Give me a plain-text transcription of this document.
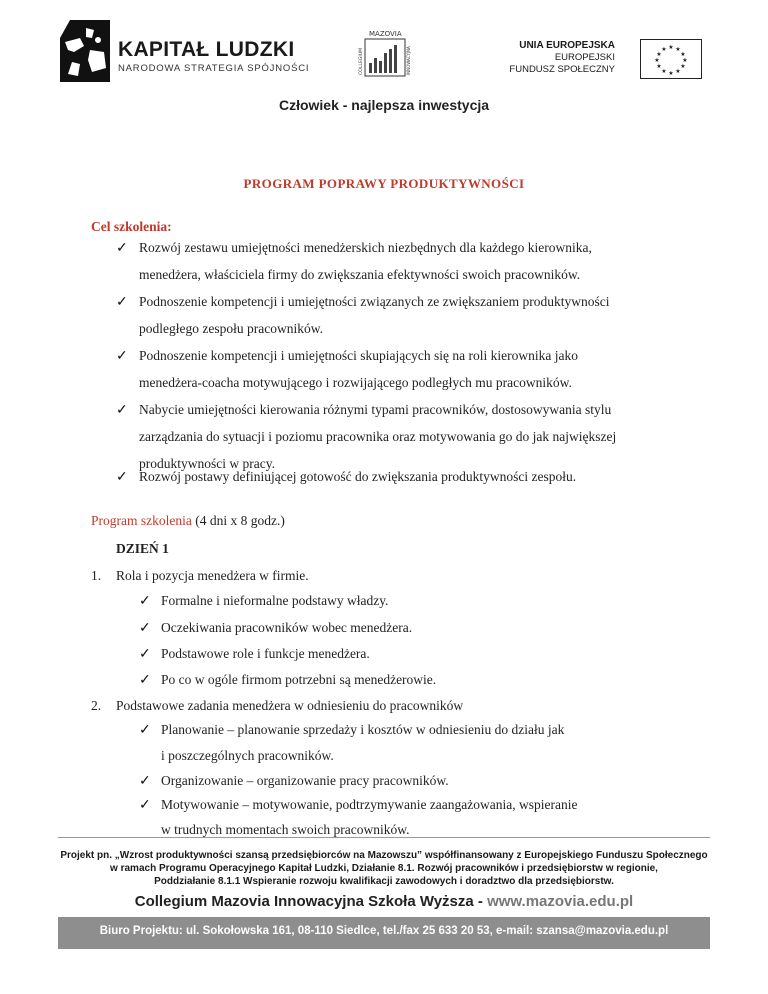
KAPITAŁ LUDZKI
NARODOWA STRATEGIA SPÓJNOŚCI
MAZOVIA
COLLEGIUM	INNOWACYJNA
UNIA EUROPEJSKA
EUROPEJSKI
FUNDUSZ SPOŁECZNY
★ ★
★
★
★
★
★
★
★
★
★
★
Człowiek - najlepsza inwestycja
PROGRAM POPRAWY PRODUKTYWNOŚCI
Cel szkolenia:
✓ Rozwój zestawu umiejętności menedżerskich niezbędnych dla każdego kierownika,
menedżera, właściciela firmy do zwiększania efektywności swoich pracowników.
✓ Podnoszenie kompetencji i umiejętności związanych ze zwiększaniem produktywności
podległego zespołu pracowników.
✓ Podnoszenie kompetencji i umiejętności skupiających się na roli kierownika jako
menedżera-coacha motywującego i rozwijającego podległych mu pracowników.
✓ Nabycie umiejętności kierowania różnymi typami pracowników, dostosowywania stylu
zarządzania do sytuacji i poziomu pracownika oraz motywowania go do jak największej
produktywności w pracy.
✓ Rozwój postawy definiującej gotowość do zwiększania produktywności zespołu.
Program szkolenia (4 dni x 8 godz.)
DZIEŃ 1
1. Rola i pozycja menedżera w firmie.
✓ Formalne i nieformalne podstawy władzy.
✓ Oczekiwania pracowników wobec menedżera.
✓ Podstawowe role i funkcje menedżera.
✓ Po co w ogóle firmom potrzebni są menedżerowie.
2. Podstawowe zadania menedżera w odniesieniu do pracowników
✓ Planowanie – planowanie sprzedaży i kosztów w odniesieniu do działu jak
i poszczególnych pracowników.
✓ Organizowanie – organizowanie pracy pracowników.
✓ Motywowanie – motywowanie, podtrzymywanie zaangażowania, wspieranie
w trudnych momentach swoich pracowników.
Projekt pn. „Wzrost produktywności szansą przedsiębiorców na Mazowszu” współfinansowany z Europejskiego Funduszu Społecznego
w ramach Programu Operacyjnego Kapitał Ludzki, Działanie 8.1. Rozwój pracowników i przedsiębiorstw w regionie,
Poddziałanie 8.1.1 Wspieranie rozwoju kwalifikacji zawodowych i doradztwo dla przedsiębiorstw.
Collegium Mazovia Innowacyjna Szkoła Wyższa - www.mazovia.edu.pl
Biuro Projektu: ul. Sokołowska 161, 08-110 Siedlce, tel./fax 25 633 20 53, e-mail: szansa@mazovia.edu.pl
